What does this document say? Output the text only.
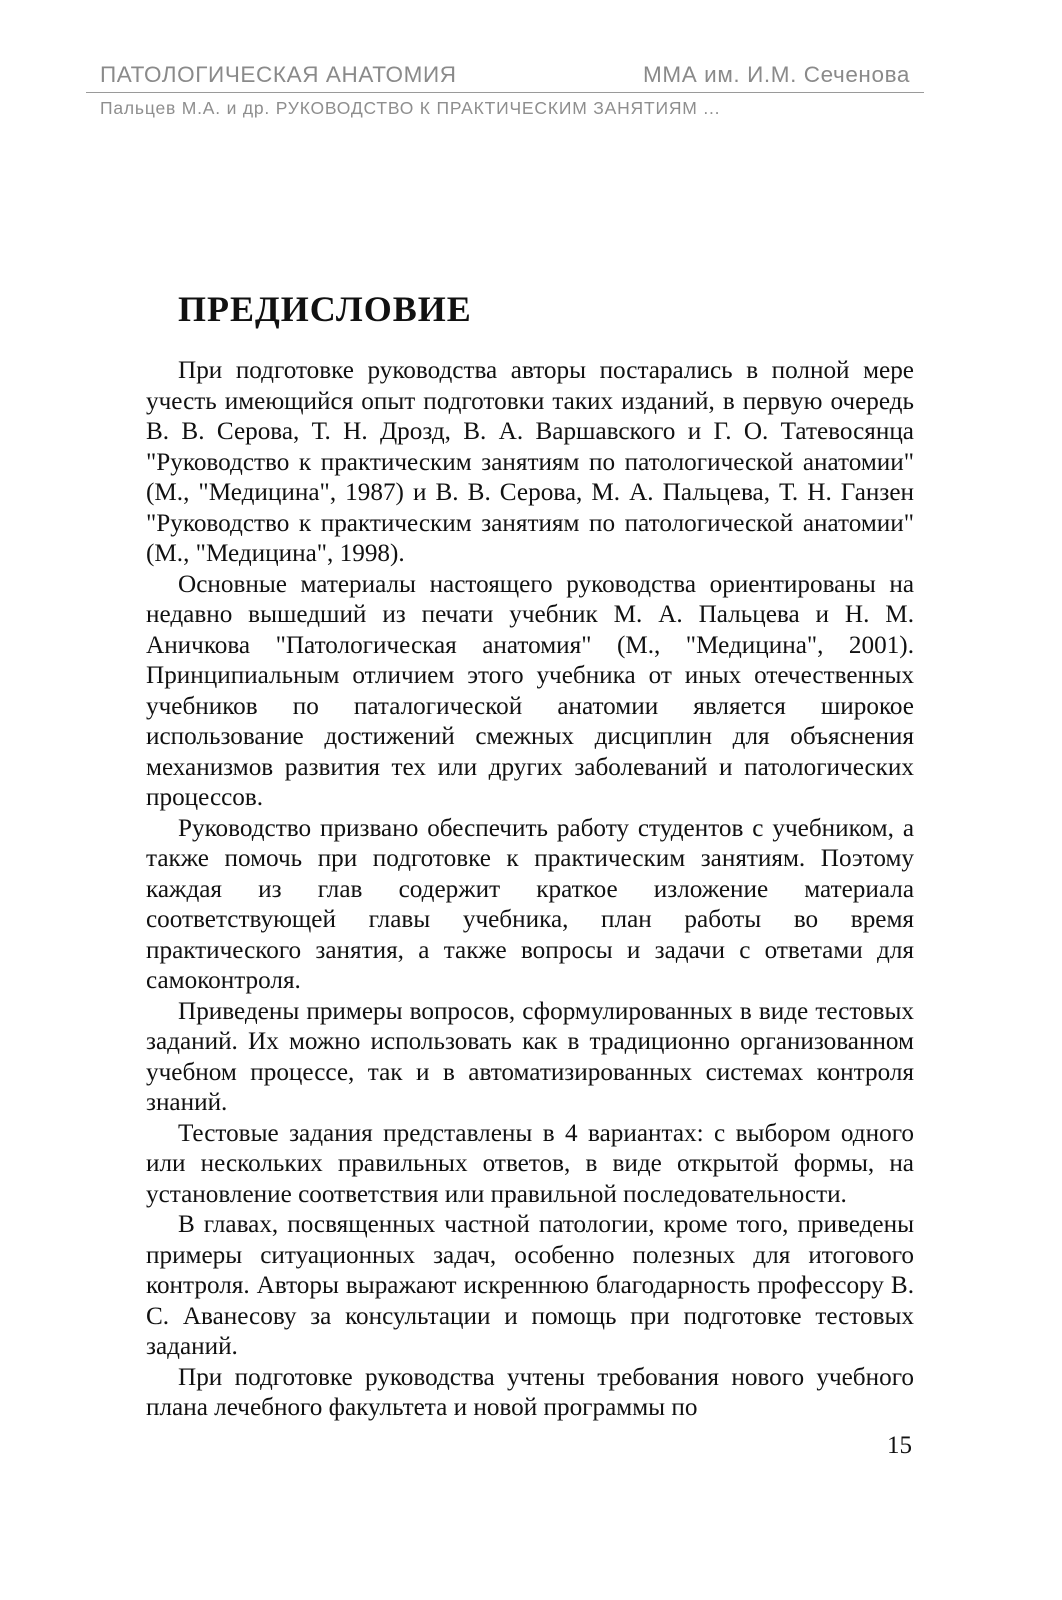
ПАТОЛОГИЧЕСКАЯ АНАТОМИЯ	ММА им. И.М. Сеченова
Пальцев М.А. и др. РУКОВОДСТВО К ПРАКТИЧЕСКИМ ЗАНЯТИЯМ ...
ПРЕДИСЛОВИЕ

При подготовке руководства авторы постарались в полной мере учесть имеющийся опыт подготовки таких изданий, в первую очередь В. В. Серова, Т. Н. Дрозд, В. А. Варшавского и Г. О. Татевосянца "Руководство к практическим занятиям по патологической анатомии" (М., "Медицина", 1987) и В. В. Серова, М. А. Пальцева, Т. Н. Ганзен "Руководство к практическим занятиям по патологической анатомии" (М., "Медицина", 1998).

Основные материалы настоящего руководства ориентированы на недавно вышедший из печати учебник М. А. Пальцева и Н. М. Аничкова "Патологическая анатомия" (М., "Медицина", 2001). Принципиальным отличием этого учебника от иных отечественных учебников по паталогической анатомии является широкое использование достижений смежных дисциплин для объяснения механизмов развития тех или других заболеваний и патологических процессов.

Руководство призвано обеспечить работу студентов с учебником, а также помочь при подготовке к практическим занятиям. Поэтому каждая из глав содержит краткое изложение материала соответствующей главы учебника, план работы во время практического занятия, а также вопросы и задачи с ответами для самоконтроля.

Приведены примеры вопросов, сформулированных в виде тестовых заданий. Их можно использовать как в традиционно организованном учебном процессе, так и в автоматизированных системах контроля знаний.

Тестовые задания представлены в 4 вариантах: с выбором одного или нескольких правильных ответов, в виде открытой формы, на установление соответствия или правильной последовательности.

В главах, посвященных частной патологии, кроме того, приведены примеры ситуационных задач, особенно полезных для итогового контроля. Авторы выражают искреннюю благодарность профессору В. С. Аванесову за консультации и помощь при подготовке тестовых заданий.

При подготовке руководства учтены требования нового учебного плана лечебного факультета и новой программы по

15
